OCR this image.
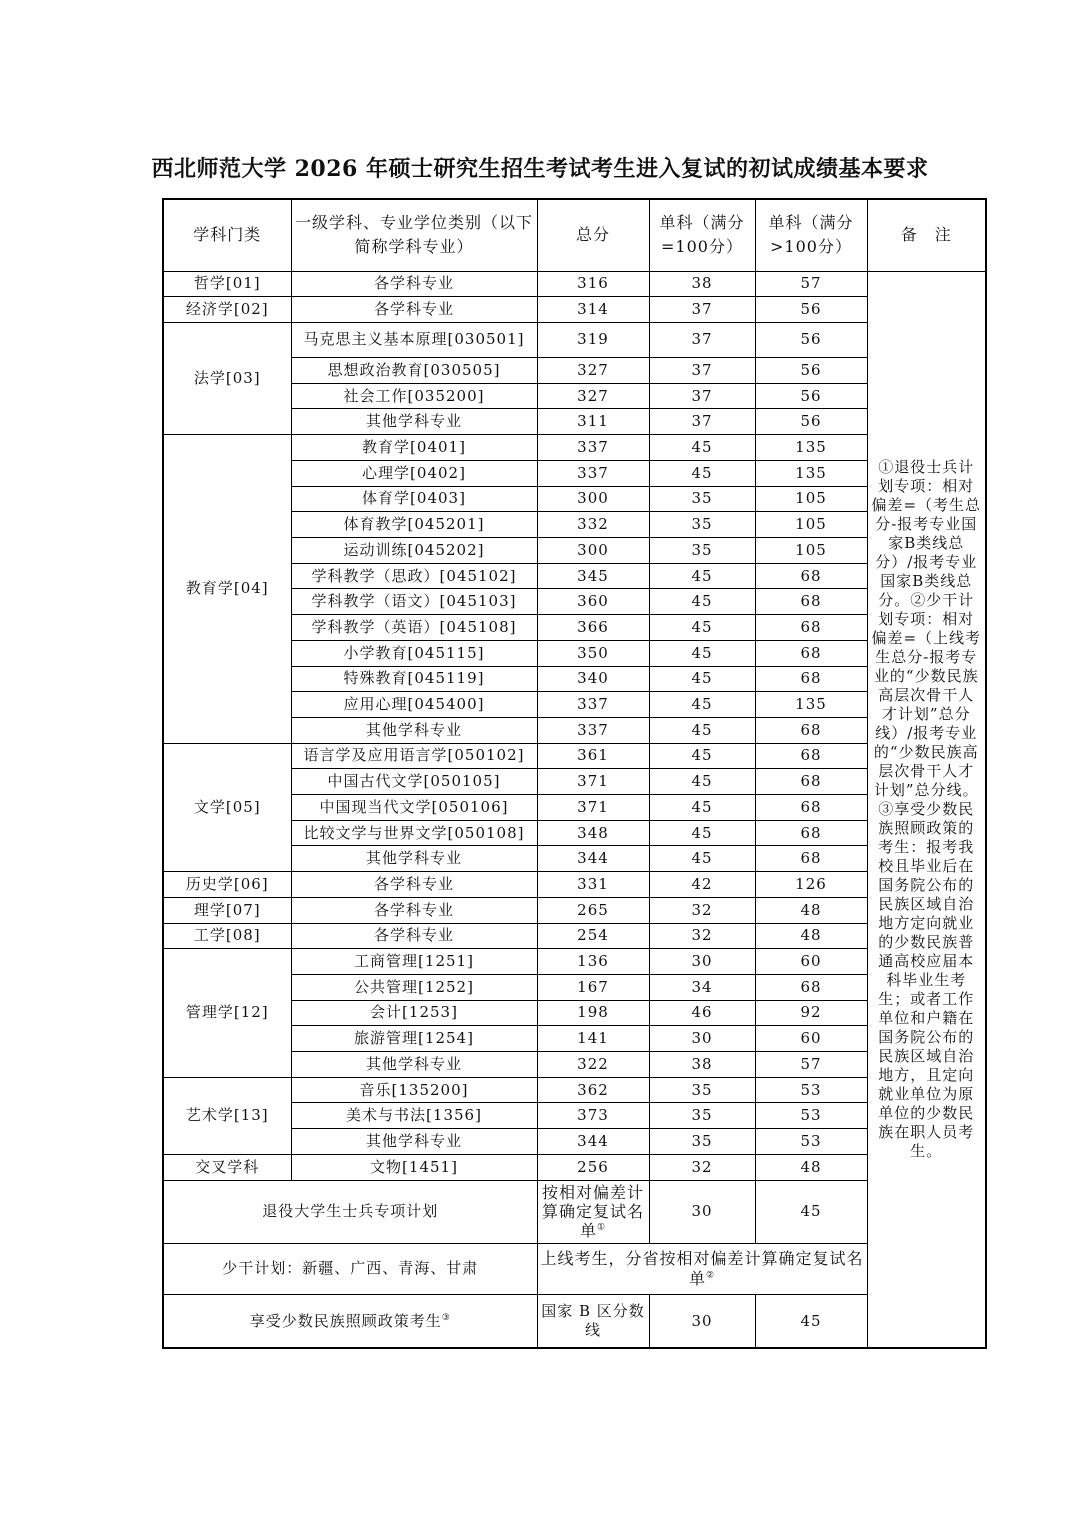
西北师范大学 2026 年硕士研究生招生考试考生进入复试的初试成绩基本要求
学科门类	一级学科、专业学位类别（以下简称学科专业）	总分	单科（满分=100分）	单科（满分>100分）	备　注
哲学[01]	各学科专业	316	38	57	①退役士兵计划专项：相对偏差=（考生总分-报考专业国家B类线总分）/报考专业国家B类线总分。②少干计划专项：相对偏差=（上线考生总分-报考专业的“少数民族高层次骨干人才计划”总分线）/报考专业的“少数民族高层次骨干人才计划”总分线。③享受少数民族照顾政策的考生：报考我校且毕业后在国务院公布的民族区域自治地方定向就业的少数民族普通高校应届本科毕业生考生；或者工作单位和户籍在国务院公布的民族区域自治地方，且定向就业单位为原单位的少数民族在职人员考生。
经济学[02]	各学科专业	314	37	56	
法学[03]	马克思主义基本原理[030501]	319	37	56	
	思想政治教育[030505]	327	37	56	
	社会工作[035200]	327	37	56	
	其他学科专业	311	37	56	
教育学[04]	教育学[0401]	337	45	135	
	心理学[0402]	337	45	135	
	体育学[0403]	300	35	105	
	体育教学[045201]	332	35	105	
	运动训练[045202]	300	35	105	
	学科教学（思政）[045102]	345	45	68	
	学科教学（语文）[045103]	360	45	68	
	学科教学（英语）[045108]	366	45	68	
	小学教育[045115]	350	45	68	
	特殊教育[045119]	340	45	68	
	应用心理[045400]	337	45	135	
	其他学科专业	337	45	68	
文学[05]	语言学及应用语言学[050102]	361	45	68	
	中国古代文学[050105]	371	45	68	
	中国现当代文学[050106]	371	45	68	
	比较文学与世界文学[050108]	348	45	68	
	其他学科专业	344	45	68	
历史学[06]	各学科专业	331	42	126	
理学[07]	各学科专业	265	32	48	
工学[08]	各学科专业	254	32	48	
管理学[12]	工商管理[1251]	136	30	60	
	公共管理[1252]	167	34	68	
	会计[1253]	198	46	92	
	旅游管理[1254]	141	30	60	
	其他学科专业	322	38	57	
艺术学[13]	音乐[135200]	362	35	53	
	美术与书法[1356]	373	35	53	
	其他学科专业	344	35	53	
交叉学科	文物[1451]	256	32	48	
退役大学生士兵专项计划		按相对偏差计算确定复试名单①	30	45	
少干计划：新疆、广西、青海、甘肃		上线考生，分省按相对偏差计算确定复试名单②
享受少数民族照顾政策考生③		国家 B 区分数线	30	45	
